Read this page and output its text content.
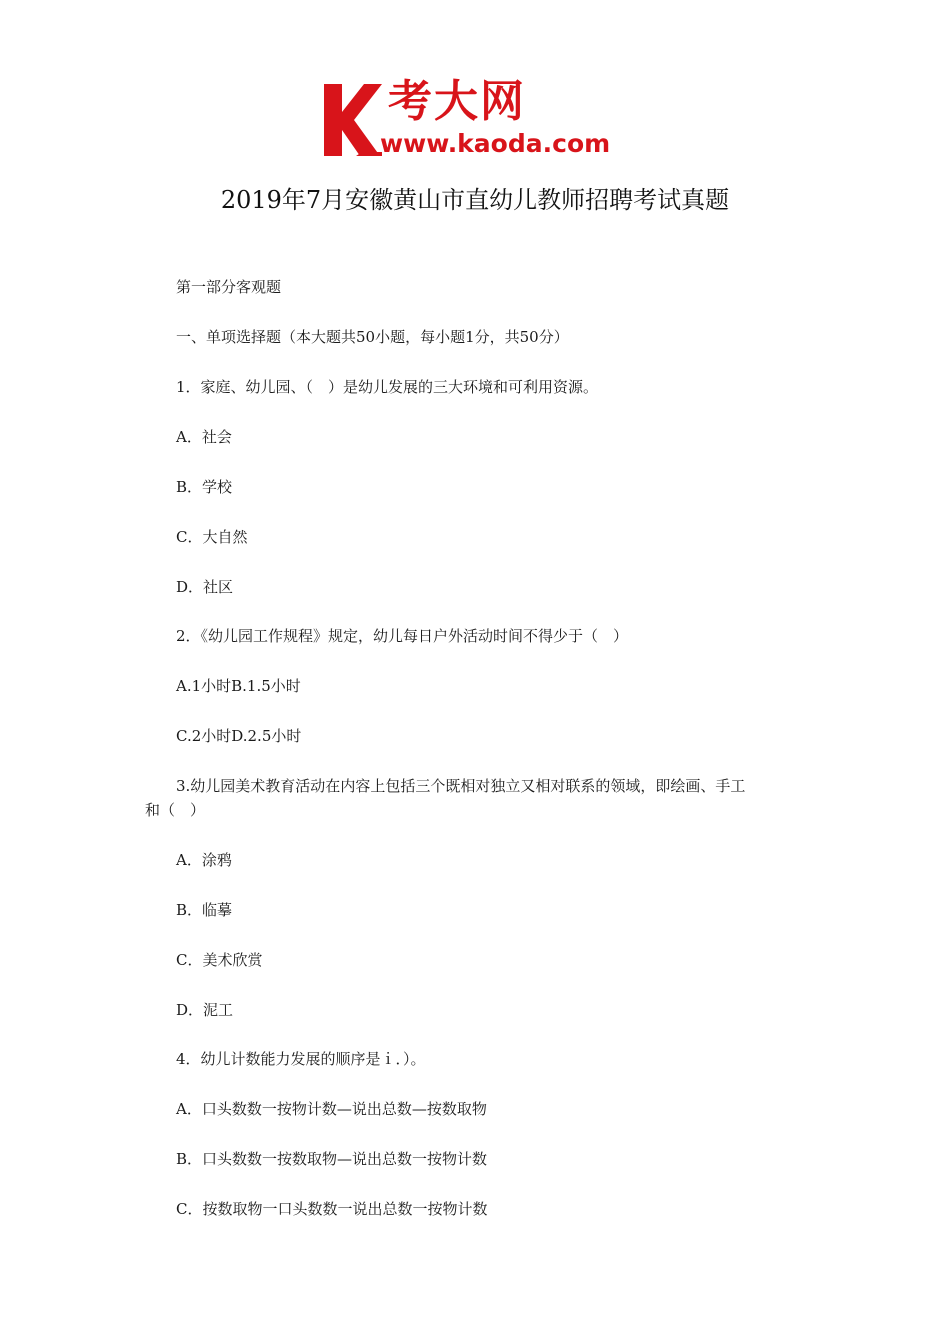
考大网
www.kaoda.com
2019年7月安徽黄山市直幼儿教师招聘考试真题
第一部分客观题
一、单项选择题（本大题共50小题，每小题1分，共50分）
1．家庭、幼儿园、（　）是幼儿发展的三大环境和可利用资源。
A．社会
B．学校
C．大自然
D．社区
2．《幼儿园工作规程》规定，幼儿每日户外活动时间不得少于（　）
A.1小时B.1.5小时
C.2小时D.2.5小时
3.幼儿园美术教育活动在内容上包括三个既相对独立又相对联系的领域，即绘画、手工
和（　）
A．涂鸦
B．临摹
C．美术欣赏
D．泥工
4．幼儿计数能力发展的顺序是ｉ．）。
A．口头数数一按物计数—说出总数—按数取物
B．口头数数一按数取物—说出总数一按物计数
C．按数取物一口头数数一说出总数一按物计数
